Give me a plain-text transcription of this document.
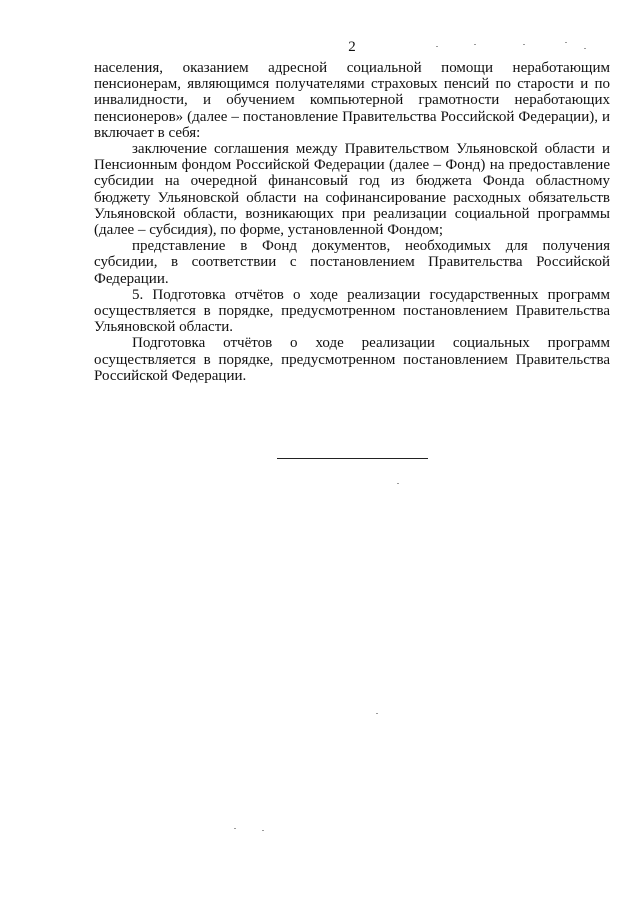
2

населения, оказанием адресной социальной помощи неработающим пенсионерам, являющимся получателями страховых пенсий по старости и по инвалидности, и обучением компьютерной грамотности неработающих пенсионеров» (далее – постановление Правительства Российской Федерации), и включает в себя:

заключение соглашения между Правительством Ульяновской области и Пенсионным фондом Российской Федерации (далее – Фонд) на предоставление субсидии на очередной финансовый год из бюджета Фонда областному бюджету Ульяновской области на софинансирование расходных обязательств Ульяновской области, возникающих при реализации социальной программы (далее – субсидия), по форме, установленной Фондом;

представление в Фонд документов, необходимых для получения субсидии, в соответствии с постановлением Правительства Российской Федерации.

5. Подготовка отчётов о ходе реализации государственных программ осуществляется в порядке, предусмотренном постановлением Правительства Ульяновской области.

Подготовка отчётов о ходе реализации социальных программ осуществляется в порядке, предусмотренном постановлением Правительства Российской Федерации.
